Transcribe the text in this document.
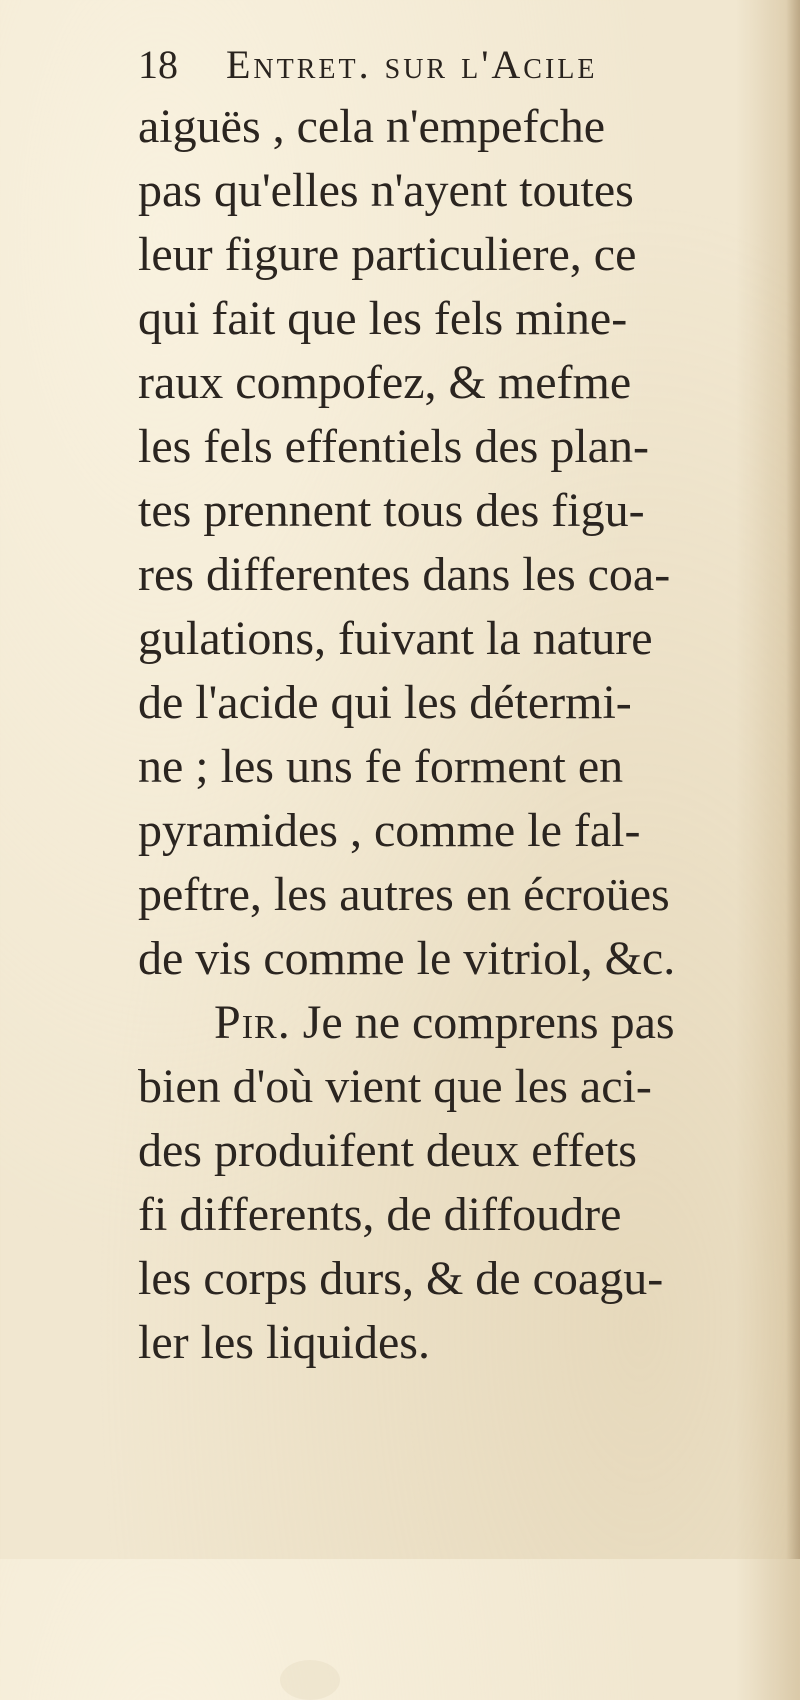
18 Entret. sur l'Acile
aiguës , cela n'empefche
pas qu'elles n'ayent toutes
leur figure particuliere, ce
qui fait que les fels mine-
raux compofez, & mefme
les fels effentiels des plan-
tes prennent tous des figu-
res differentes dans les coa-
gulations, fuivant la nature
de l'acide qui les détermi-
ne ; les uns fe forment en
pyramides , comme le fal-
peftre, les autres en écroües
de vis comme le vitriol, &c.
Pir. Je ne comprens pas
bien d'où vient que les aci-
des produifent deux effets
fi differents, de diffoudre
les corps durs, & de coagu-
ler les liquides.
